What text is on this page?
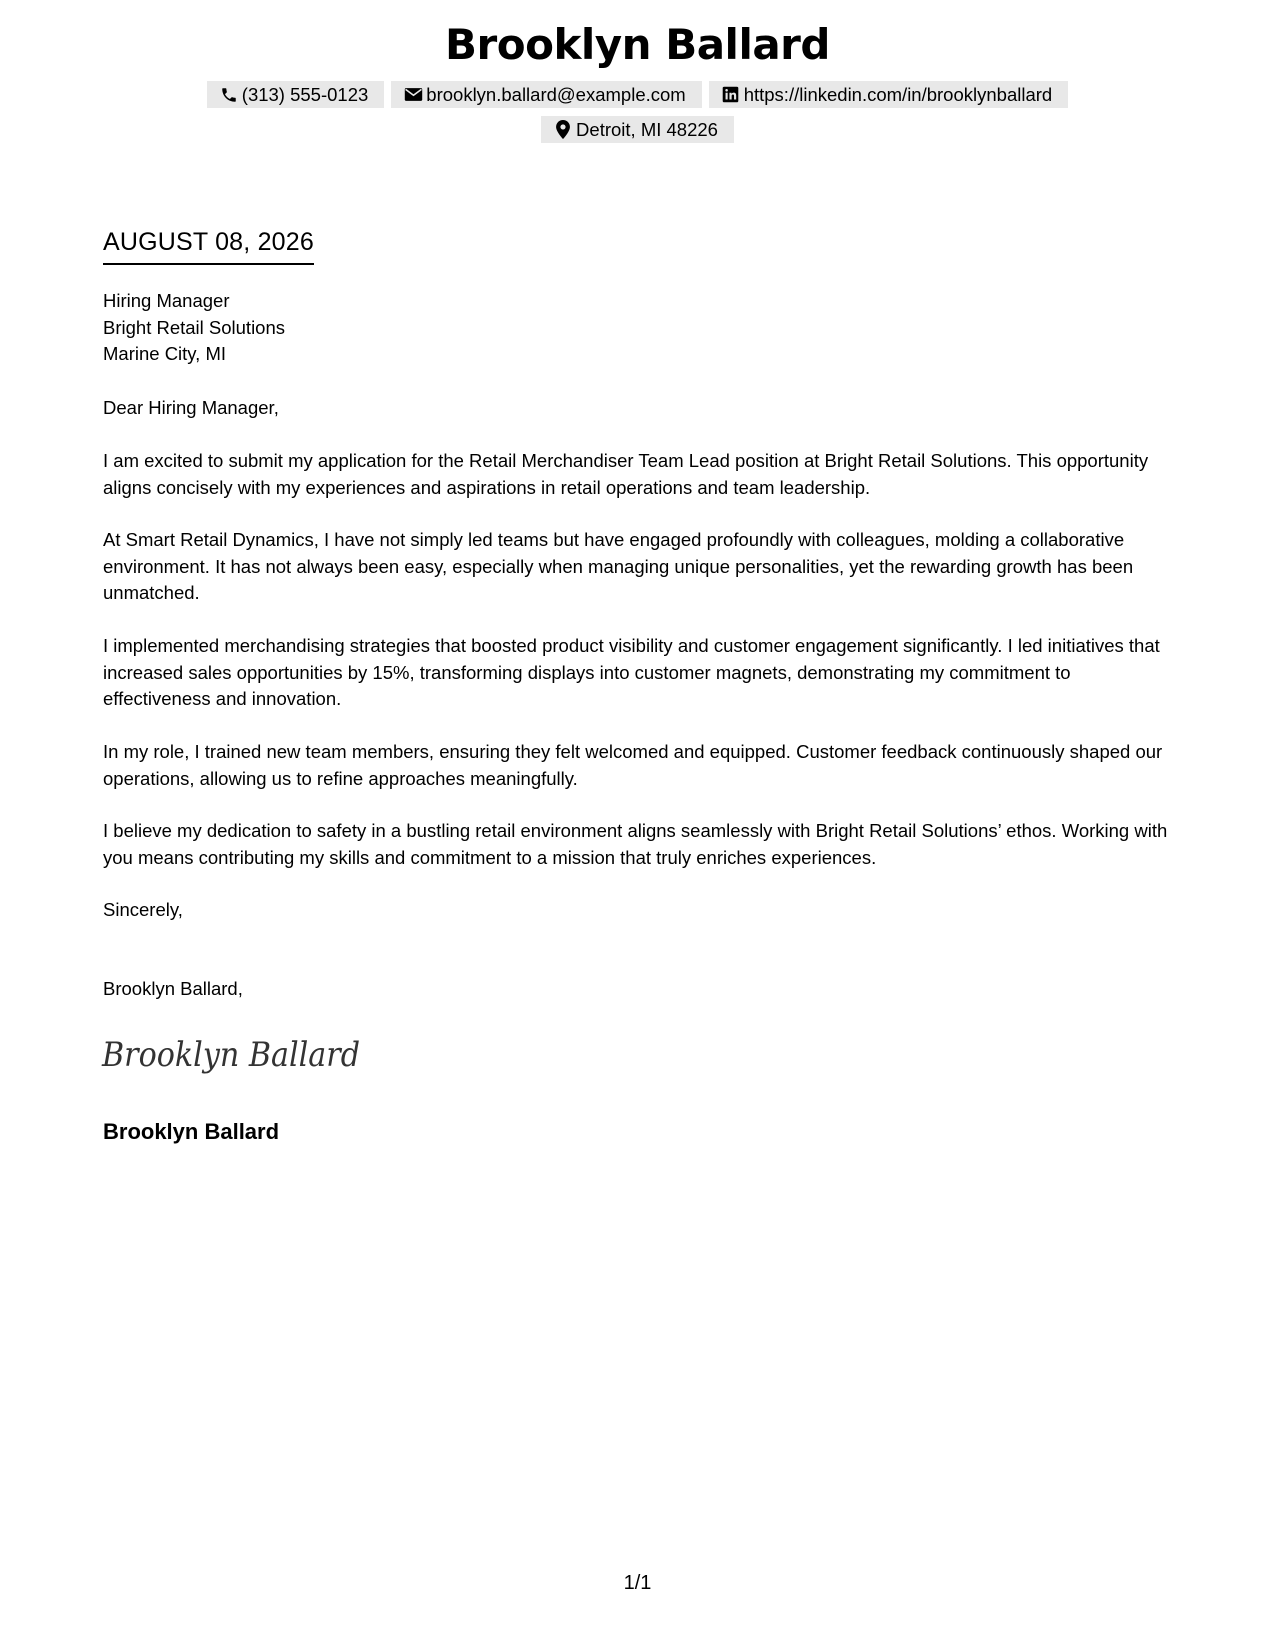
Brooklyn Ballard
(313) 555-0123	brooklyn.ballard@example.com	https://linkedin.com/in/brooklynballard
Detroit, MI 48226
AUGUST 08, 2026
Hiring Manager
Bright Retail Solutions
Marine City, MI
Dear Hiring Manager,

I am excited to submit my application for the Retail Merchandiser Team Lead position at Bright Retail Solutions. This opportunity aligns concisely with my experiences and aspirations in retail operations and team leadership.

At Smart Retail Dynamics, I have not simply led teams but have engaged profoundly with colleagues, molding a collaborative environment. It has not always been easy, especially when managing unique personalities, yet the rewarding growth has been unmatched.

I implemented merchandising strategies that boosted product visibility and customer engagement significantly. I led initiatives that increased sales opportunities by 15%, transforming displays into customer magnets, demonstrating my commitment to effectiveness and innovation.

In my role, I trained new team members, ensuring they felt welcomed and equipped. Customer feedback continuously shaped our operations, allowing us to refine approaches meaningfully.

I believe my dedication to safety in a bustling retail environment aligns seamlessly with Bright Retail Solutions’ ethos. Working with you means contributing my skills and commitment to a mission that truly enriches experiences.

Sincerely,
Brooklyn Ballard,
Brooklyn Ballard
Brooklyn Ballard
1/1
